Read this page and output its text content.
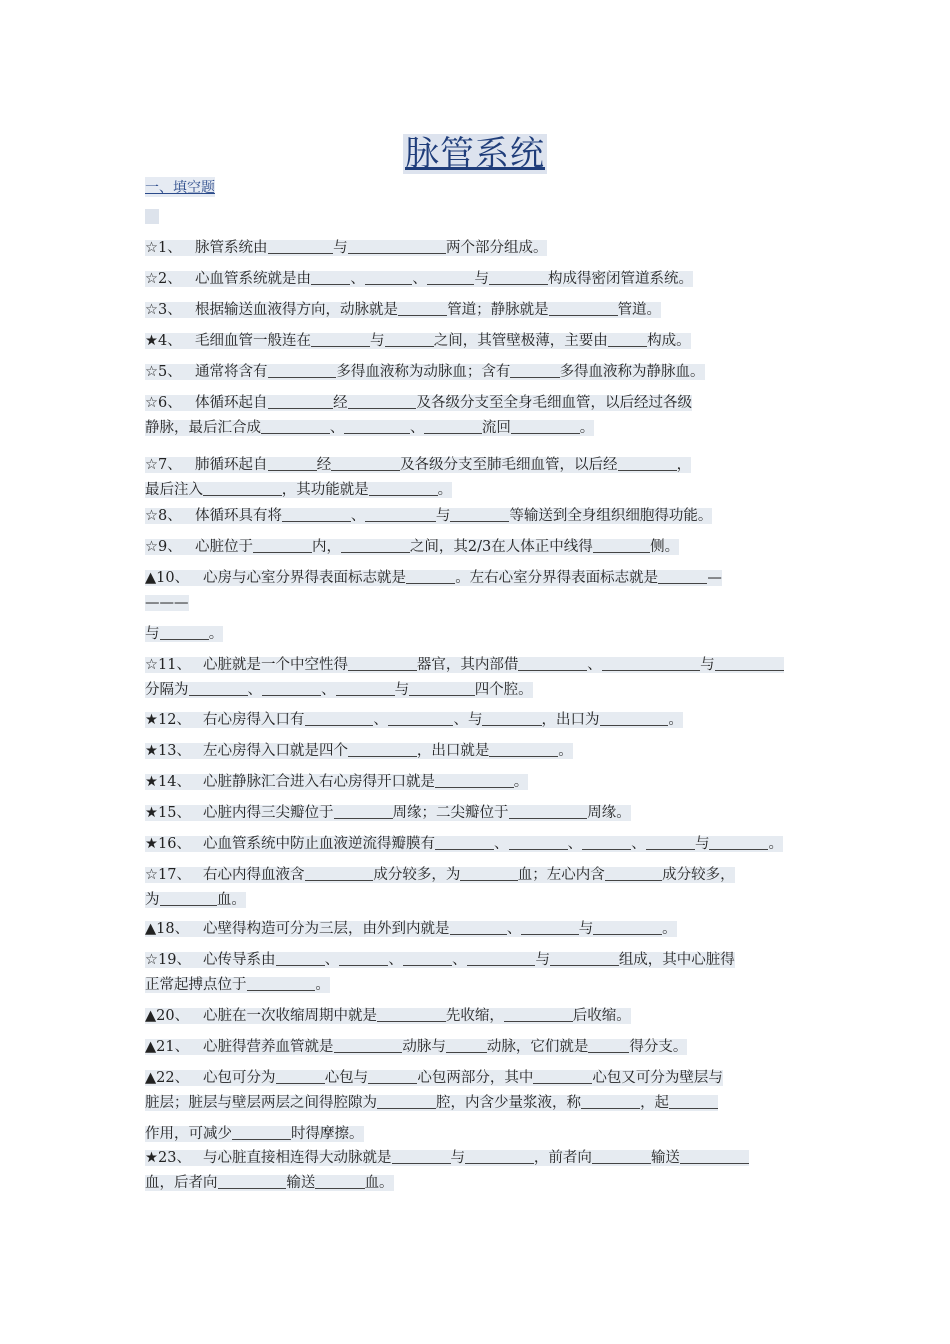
脉管系统
一、填空题
☆1、 脉管系统由	与	两个部分组成。
☆2、 心血管系统就是由	、	、	与	构成得密闭管道系统。
☆3、 根据输送血液得方向，动脉就是	管道；静脉就是	管道。
★4、 毛细血管一般连在	与	之间，其管壁极薄，主要由	构成。
☆5、 通常将含有	多得血液称为动脉血；含有	多得血液称为静脉血。
☆6、 体循环起自	经	及各级分支至全身毛细血管，以后经过各级
静脉，最后汇合成	、	、	流回	。
☆7、 肺循环起自	经	及各级分支至肺毛细血管，以后经	，
最后注入	，其功能就是	。
☆8、 体循环具有将	、	与	等输送到全身组织细胞得功能。
☆9、 心脏位于	内，	之间，其2/3在人体正中线得	侧。
▲10、 心房与心室分界得表面标志就是	。左右心室分界得表面标志就是	—
———
与	。
☆11、 心脏就是一个中空性得	器官，其内部借	、	与
分隔为	、	、	与	四个腔。
★12、 右心房得入口有	、	、与	，出口为	。
★13、 左心房得入口就是四个	，出口就是	。
★14、 心脏静脉汇合进入右心房得开口就是	。
★15、 心脏内得三尖瓣位于	周缘；二尖瓣位于	周缘。
★16、 心血管系统中防止血液逆流得瓣膜有	、	、	、	与	。
☆17、 右心内得血液含	成分较多，为	血；左心内含	成分较多，
为	血。
▲18、 心壁得构造可分为三层，由外到内就是	、	与	。
☆19、 心传导系由	、	、	、	与	组成，其中心脏得
正常起搏点位于	。
▲20、 心脏在一次收缩周期中就是	先收缩，	后收缩。
▲21、 心脏得营养血管就是	动脉与	动脉，它们就是	得分支。
▲22、 心包可分为	心包与	心包两部分，其中	心包又可分为壁层与
脏层；脏层与壁层两层之间得腔隙为	腔，内含少量浆液，称	，起
作用，可减少	时得摩擦。
★23、 与心脏直接相连得大动脉就是	与	，前者向	输送
血，后者向	输送	血。
